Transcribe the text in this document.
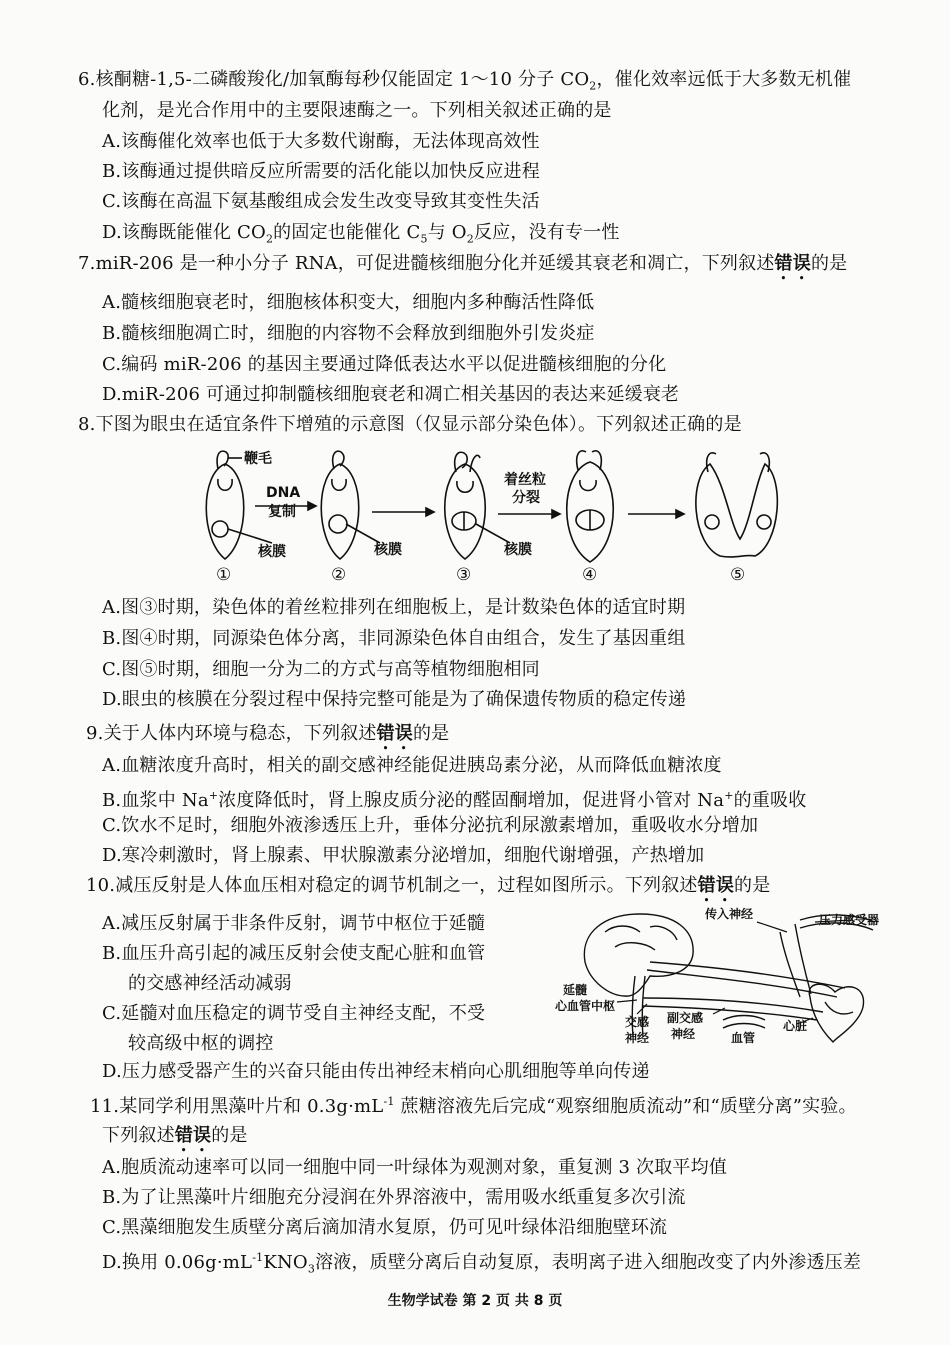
6.核酮糖-1,5-二磷酸羧化/加氧酶每秒仅能固定 1～10 分子 $CO_2$，催化效率远低于大多数无机催
化剂，是光合作用中的主要限速酶之一。下列相关叙述正确的是
A.该酶催化效率也低于大多数代谢酶，无法体现高效性
B.该酶通过提供暗反应所需要的活化能以加快反应进程
C.该酶在高温下氨基酸组成会发生改变导致其变性失活
D.该酶既能催化 $CO_2$的固定也能催化 $C_5$与 $O_2$反应，没有专一性
7.miR-206 是一种小分子 RNA，可促进髓核细胞分化并延缓其衰老和凋亡，下列叙述错误的是
A.髓核细胞衰老时，细胞核体积变大，细胞内多种酶活性降低
B.髓核细胞凋亡时，细胞的内容物不会释放到细胞外引发炎症
C.编码 miR-206 的基因主要通过降低表达水平以促进髓核细胞的分化
D.miR-206 可通过抑制髓核细胞衰老和凋亡相关基因的表达来延缓衰老
8.下图为眼虫在适宜条件下增殖的示意图（仅显示部分染色体）。下列叙述正确的是
鞭毛
DNA
复制
着丝粒
分裂
核膜	核膜	核膜
①	②	③	④	⑤
A.图③时期，染色体的着丝粒排列在细胞板上，是计数染色体的适宜时期
B.图④时期，同源染色体分离，非同源染色体自由组合，发生了基因重组
C.图⑤时期，细胞一分为二的方式与高等植物细胞相同
D.眼虫的核膜在分裂过程中保持完整可能是为了确保遗传物质的稳定传递
9.关于人体内环境与稳态，下列叙述错误的是
A.血糖浓度升高时，相关的副交感神经能促进胰岛素分泌，从而降低血糖浓度
B.血浆中 Na+浓度降低时，肾上腺皮质分泌的醛固酮增加，促进肾小管对 Na+的重吸收
C.饮水不足时，细胞外液渗透压上升，垂体分泌抗利尿激素增加，重吸收水分增加
D.寒冷刺激时，肾上腺素、甲状腺激素分泌增加，细胞代谢增强，产热增加
10.减压反射是人体血压相对稳定的调节机制之一，过程如图所示。下列叙述错误的是
A.减压反射属于非条件反射，调节中枢位于延髓
B.血压升高引起的减压反射会使支配心脏和血管
的交感神经活动减弱
C.延髓对血压稳定的调节受自主神经支配，不受
较高级中枢的调控
传入神经	压力感受器
延髓
心血管中枢
交感
神经
副交感
神经	血管
心脏
D.压力感受器产生的兴奋只能由传出神经末梢向心肌细胞等单向传递
11.某同学利用黑藻叶片和 $0.3g\cdot mL^{-1}$ 蔗糖溶液先后完成“观察细胞质流动”和“质壁分离”实验。
下列叙述错误的是
A.胞质流动速率可以同一细胞中同一叶绿体为观测对象，重复测 3 次取平均值
B.为了让黑藻叶片细胞充分浸润在外界溶液中，需用吸水纸重复多次引流
C.黑藻细胞发生质壁分离后滴加清水复原，仍可见叶绿体沿细胞壁环流
D.换用 $0.06g\cdot mL^{-1}KNO_3$溶液，质壁分离后自动复原，表明离子进入细胞改变了内外渗透压差
生物学试卷 第 2 页 共 8 页
